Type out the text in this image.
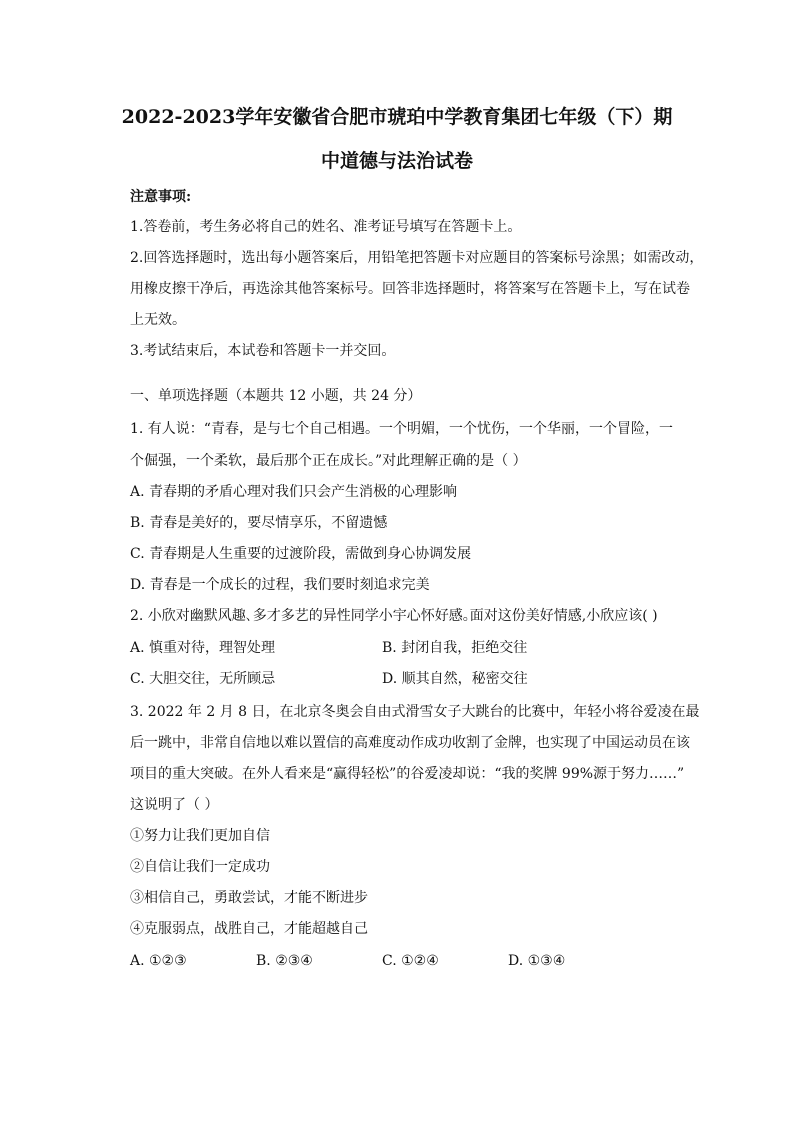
2022-2023学年安徽省合肥市琥珀中学教育集团七年级（下）期
中道德与法治试卷
注意事项:
1.答卷前，考生务必将自己的姓名、准考证号填写在答题卡上。
2.回答选择题时，选出每小题答案后，用铅笔把答题卡对应题目的答案标号涂黑；如需改动，
用橡皮擦干净后，再选涂其他答案标号。回答非选择题时，将答案写在答题卡上，写在试卷
上无效。
3.考试结束后，本试卷和答题卡一并交回。
一、单项选择题（本题共 12 小题，共 24 分）
1. 有人说：“青春，是与七个自己相遇。一个明媚，一个忧伤，一个华丽，一个冒险，一
个倔强，一个柔软，最后那个正在成长。”对此理解正确的是（ ）
A. 青春期的矛盾心理对我们只会产生消极的心理影响
B. 青春是美好的，要尽情享乐，不留遗憾
C. 青春期是人生重要的过渡阶段，需做到身心协调发展
D. 青春是一个成长的过程，我们要时刻追求完美
2. 小欣对幽默风趣､多才多艺的异性同学小宇心怀好感｡面对这份美好情感,小欣应该( )
A. 慎重对待，理智处理	B. 封闭自我，拒绝交往
C. 大胆交往，无所顾忌	D. 顺其自然，秘密交往
3. 2022 年 2 月 8 日，在北京冬奥会自由式滑雪女子大跳台的比赛中，年轻小将谷爱凌在最
后一跳中，非常自信地以难以置信的高难度动作成功收割了金牌，也实现了中国运动员在该
项目的重大突破。在外人看来是“赢得轻松”的谷爱凌却说：“我的奖牌 99%源于努力……”
这说明了（ ）
①努力让我们更加自信
②自信让我们一定成功
③相信自己，勇敢尝试，才能不断进步
④克服弱点，战胜自己，才能超越自己
A. ①②③	B. ②③④	C. ①②④	D. ①③④
